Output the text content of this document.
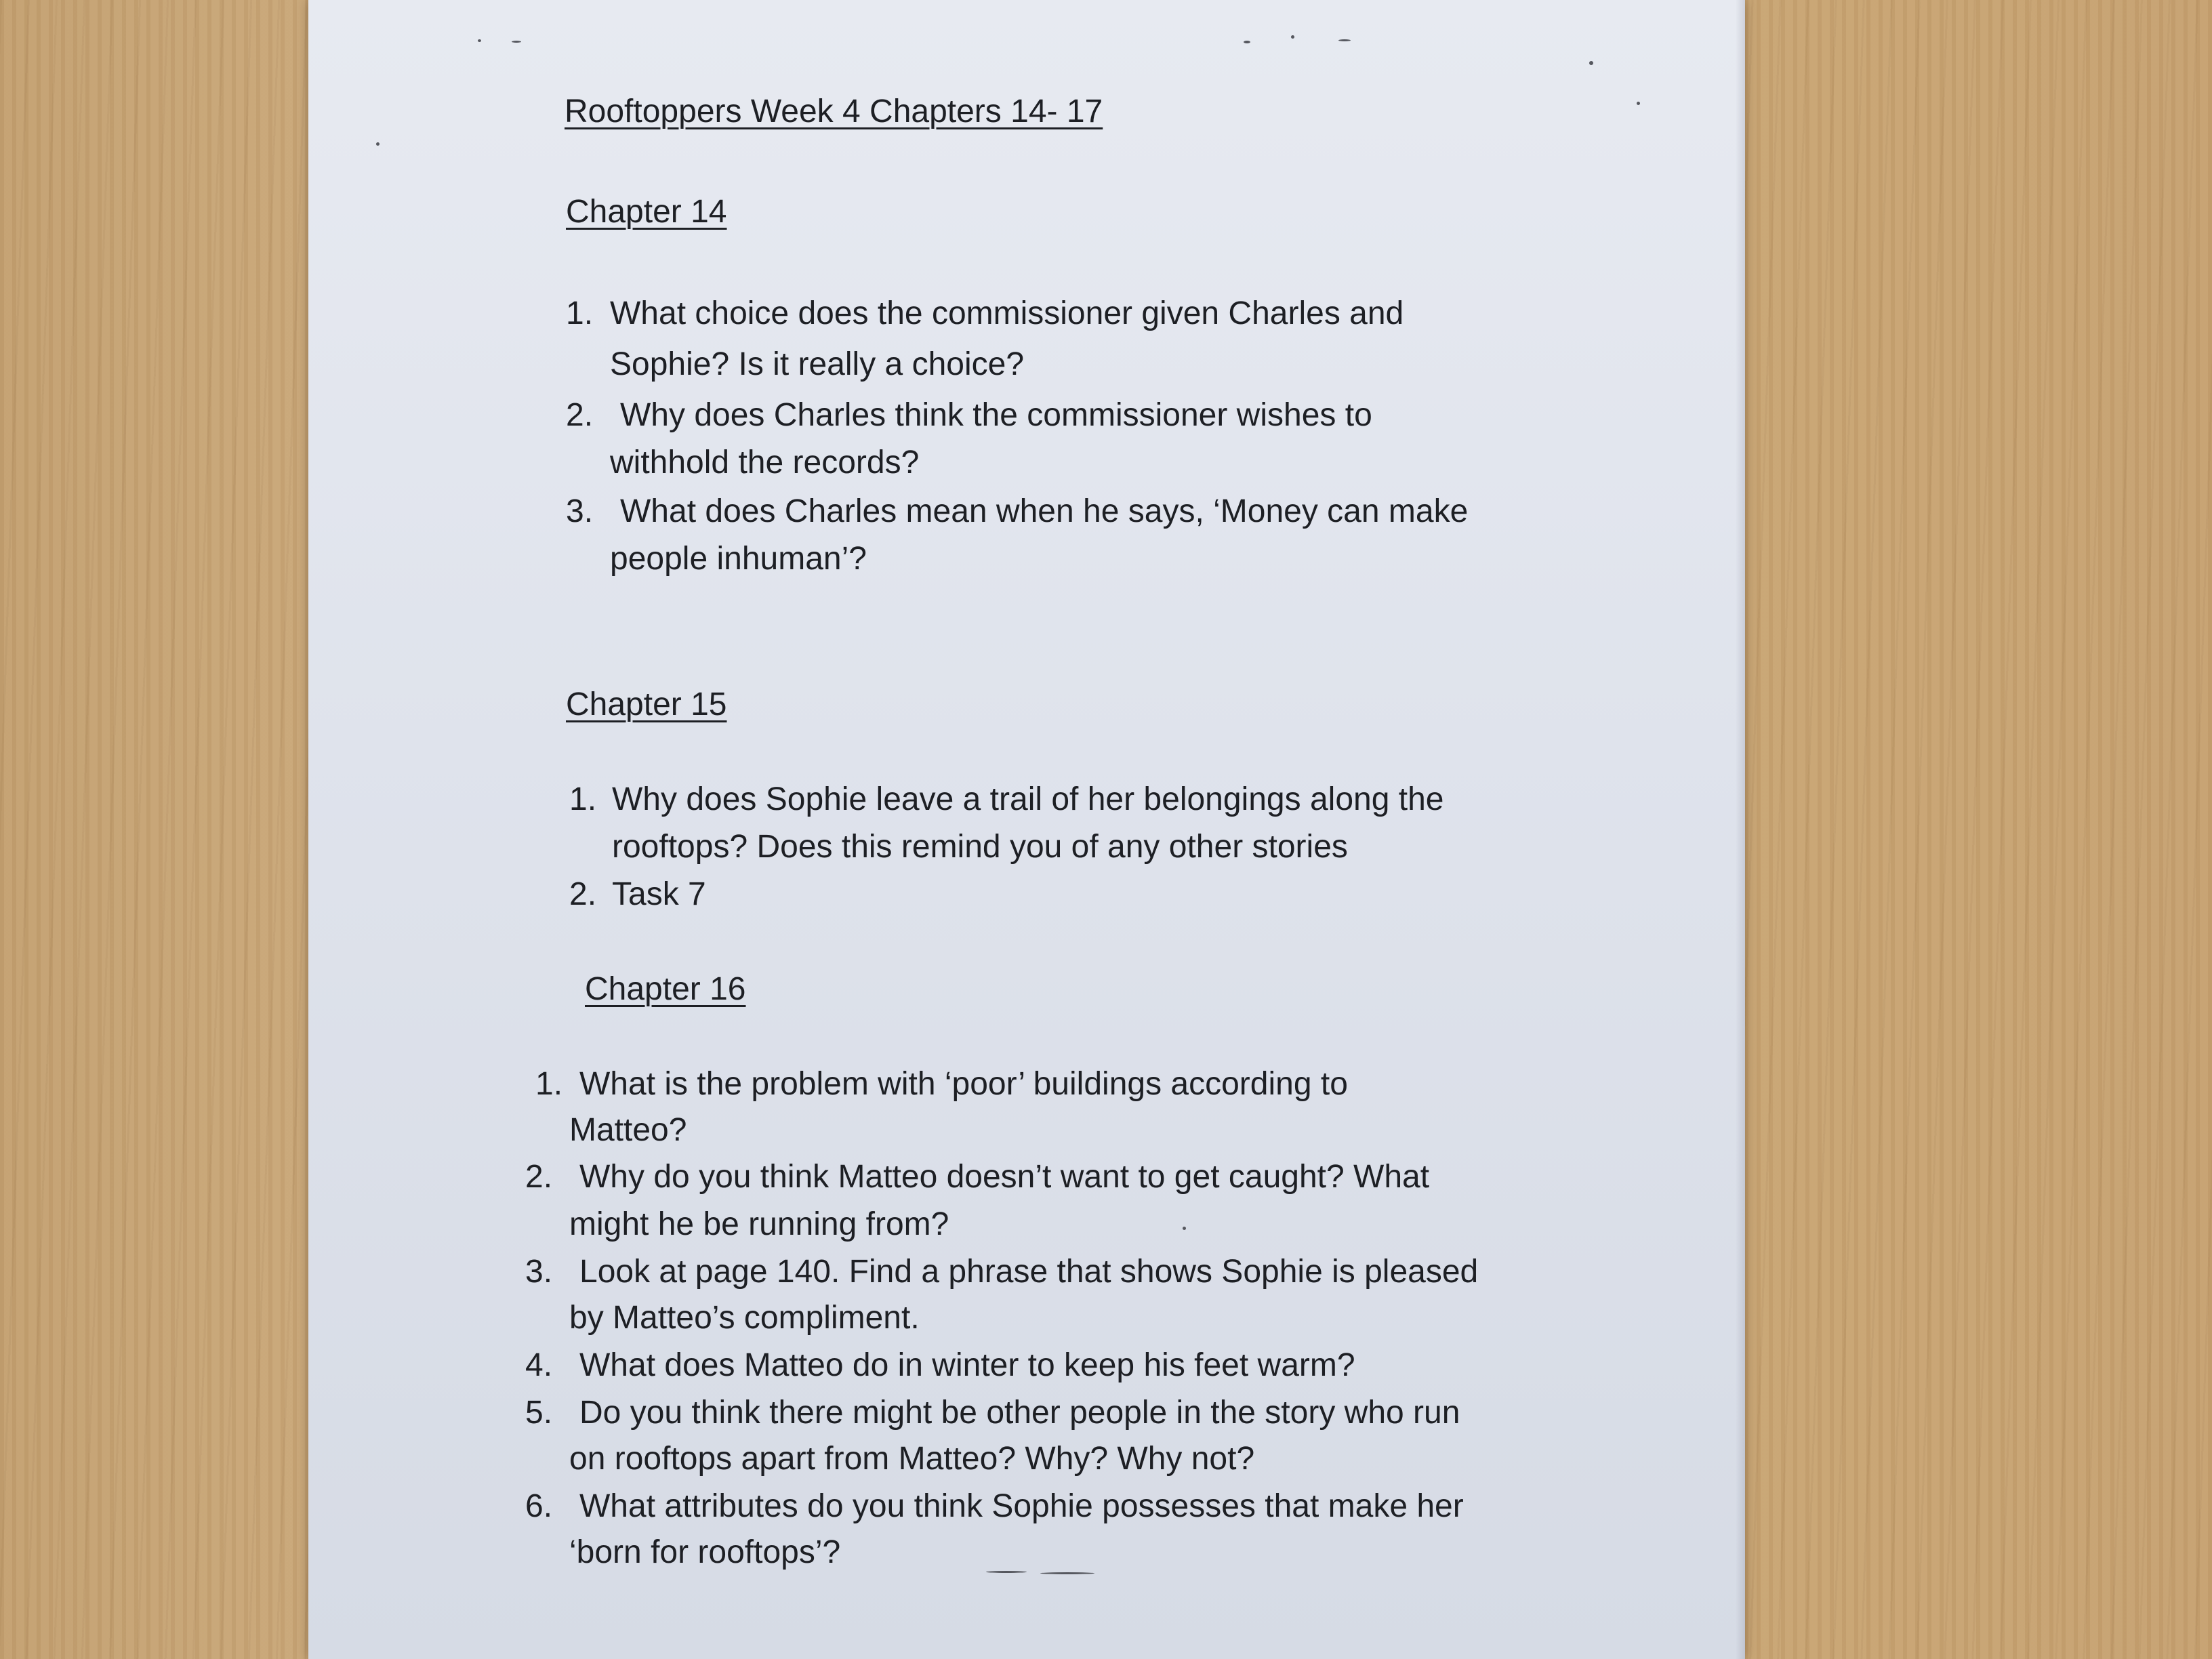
Rooftoppers Week 4 Chapters 14- 17
Chapter 14
1. What choice does the commissioner given Charles and
Sophie? Is it really a choice?
2. Why does Charles think the commissioner wishes to
withhold the records?
3. What does Charles mean when he says, ‘Money can make
people inhuman’?
Chapter 15
1. Why does Sophie leave a trail of her belongings along the
rooftops? Does this remind you of any other stories
2. Task 7
Chapter 16
1. What is the problem with ‘poor’ buildings according to
Matteo?
2. Why do you think Matteo doesn’t want to get caught? What
might he be running from?
3. Look at page 140. Find a phrase that shows Sophie is pleased
by Matteo’s compliment.
4. What does Matteo do in winter to keep his feet warm?
5. Do you think there might be other people in the story who run
on rooftops apart from Matteo? Why? Why not?
6. What attributes do you think Sophie possesses that make her
‘born for rooftops’?
